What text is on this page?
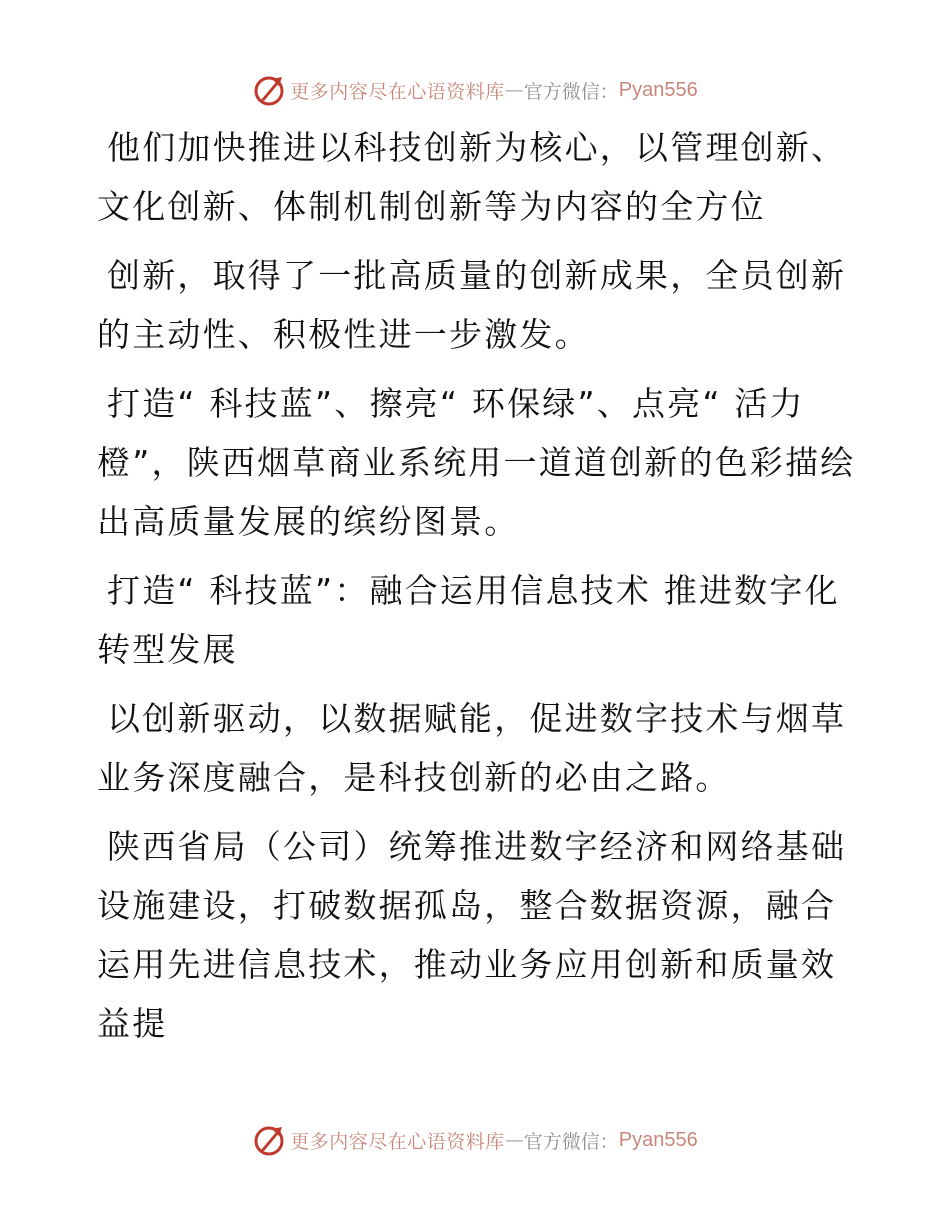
更多内容尽在心语资料库 — 官方微信： Pyan556

他们加快推进以科技创新为核心，以管理创新、文化创新、体制机制创新等为内容的全方位

创新，取得了一批高质量的创新成果，全员创新的主动性、积极性进一步激发。

打造“ 科技蓝”、擦亮“ 环保绿”、点亮“ 活力橙”，陕西烟草商业系统用一道道创新的色彩描绘出高质量发展的缤纷图景。

打造“ 科技蓝”：融合运用信息技术 推进数字化转型发展

以创新驱动，以数据赋能，促进数字技术与烟草业务深度融合，是科技创新的必由之路。

陕西省局（公司）统筹推进数字经济和网络基础设施建设，打破数据孤岛，整合数据资源，融合运用先进信息技术，推动业务应用创新和质量效益提

更多内容尽在心语资料库 — 官方微信： Pyan556
